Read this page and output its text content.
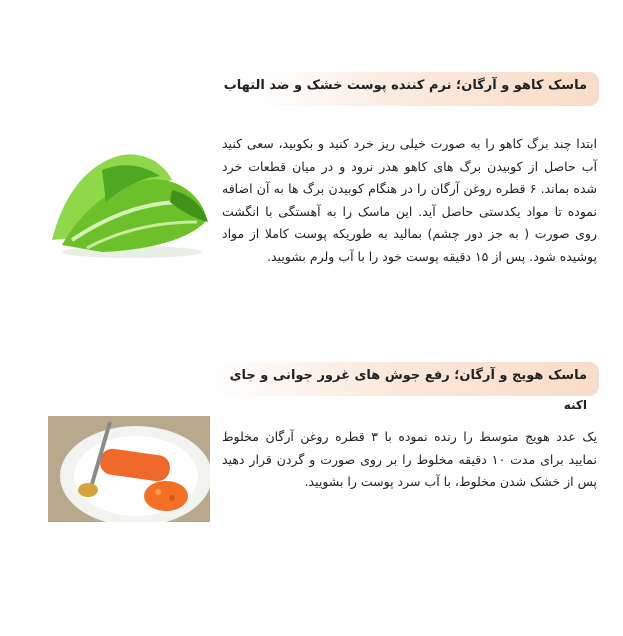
ماسک کاهو و آرگان؛ نرم کننده پوست خشک و ضد التهاب
ابتدا چند برگ کاهو را به صورت خیلی ریز خرد کنید و بکوبید، سعی کنید آب حاصل از کوبیدن برگ های کاهو هدر نرود و در میان قطعات خرد شده بماند. ۶ قطره روغن آرگان را در هنگام کوبیدن برگ ها به آن اضافه نموده تا مواد یکدستی حاصل آید. این ماسک را به آهستگی با انگشت روی صورت ( به جز دور چشم) بمالید به طوریکه پوست کاملا از مواد پوشیده شود. پس از ۱۵ دقیقه پوست خود را با آب ولرم بشویید.
ماسک هویج و آرگان؛ رفع جوش های غرور جوانی و جای
اکنه
یک عدد هویج متوسط را رنده نموده با ۳ قطره روغن آرگان مخلوط نمایید برای مدت ۱۰ دقیقه مخلوط را بر روی صورت و گردن قرار دهید پس از خشک شدن مخلوط، با آب سرد پوست را بشویید.
